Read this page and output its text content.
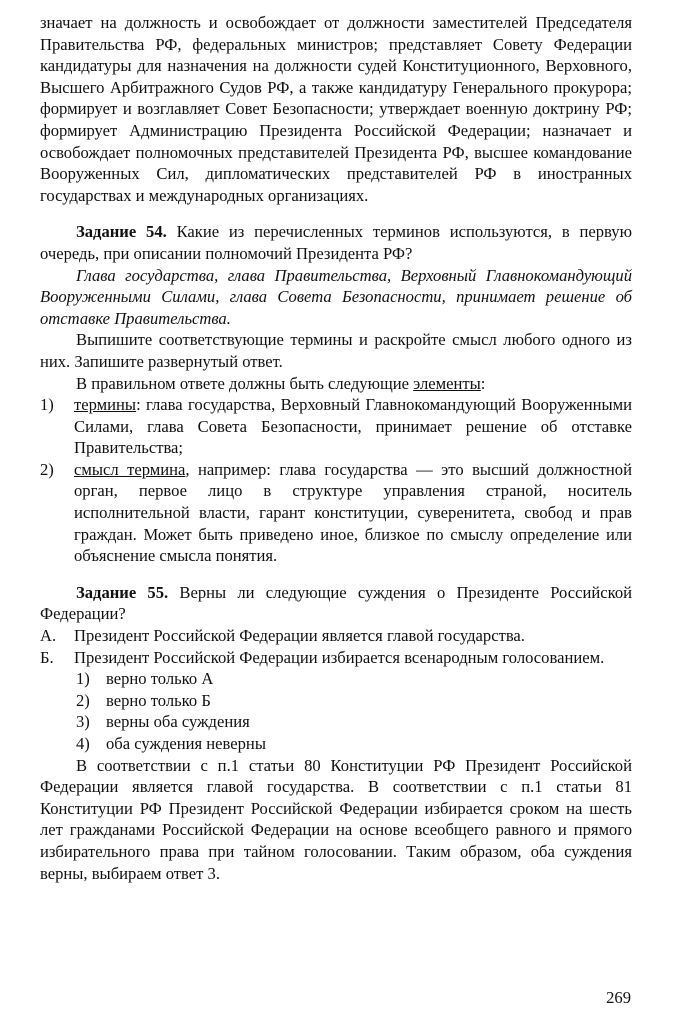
значает на должность и освобождает от должности заместителей Председателя Правительства РФ, федеральных министров; представляет Совету Федерации кандидатуры для назначения на должности судей Конституционного, Верховного, Высшего Арбитражного Судов РФ, а также кандидатуру Генерального прокурора; формирует и возглавляет Совет Безопасности; утверждает военную доктрину РФ; формирует Администрацию Президента Российской Федерации; назначает и освобождает полномочных представителей Президента РФ, высшее командование Вооруженных Сил, дипломатических представителей РФ в иностранных государствах и международных организациях.

Задание 54. Какие из перечисленных терминов используются, в первую очередь, при описании полномочий Президента РФ?

Глава государства, глава Правительства, Верховный Главнокомандующий Вооруженными Силами, глава Совета Безопасности, принимает решение об отставке Правительства.

Выпишите соответствующие термины и раскройте смысл любого одного из них. Запишите развернутый ответ.

В правильном ответе должны быть следующие элементы:

1)	термины: глава государства, Верховный Главнокомандующий Вооруженными Силами, глава Совета Безопасности, принимает решение об отставке Правительства;
2)	смысл термина, например: глава государства — это высший должностной орган, первое лицо в структуре управления страной, носитель исполнительной власти, гарант конституции, суверенитета, свобод и прав граждан. Может быть приведено иное, близкое по смыслу определение или объяснение смысла понятия.

Задание 55. Верны ли следующие суждения о Президенте Российской Федерации?

А.	Президент Российской Федерации является главой государства.
Б.	Президент Российской Федерации избирается всенародным голосованием.
1) верно только А
2) верно только Б
3) верны оба суждения
4) оба суждения неверны

В соответствии с п.1 статьи 80 Конституции РФ Президент Российской Федерации является главой государства. В соответствии с п.1 статьи 81 Конституции РФ Президент Российской Федерации избирается сроком на шесть лет гражданами Российской Федерации на основе всеобщего равного и прямого избирательного права при тайном голосовании. Таким образом, оба суждения верны, выбираем ответ 3.

269
